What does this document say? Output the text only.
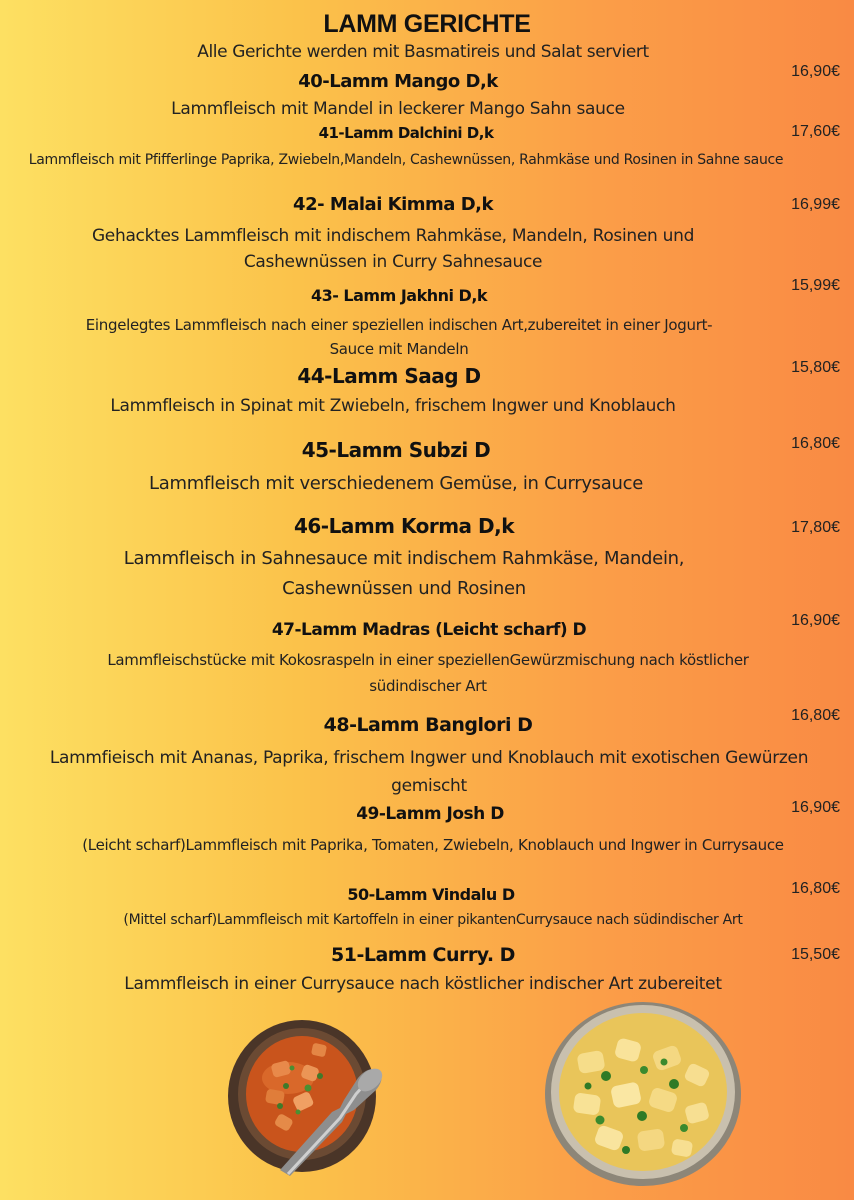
LAMM GERICHTE
Alle Gerichte werden mit Basmatireis und Salat serviert
40-Lamm Mango D,k	16,90€
Lammfleisch mit Mandel in leckerer Mango Sahn sauce
41-Lamm Dalchini D,k	17,60€
Lammfleisch mit Pfifferlinge Paprika, Zwiebeln,Mandeln, Cashewnüssen, Rahmkäse und Rosinen in Sahne sauce
42- Malai Kimma D,k	16,99€
Gehacktes Lammfleisch mit indischem Rahmkäse, Mandeln, Rosinen und Cashewnüssen in Curry Sahnesauce
43- Lamm Jakhni D,k
15,99€
Eingelegtes Lammfleisch nach einer speziellen indischen Art,zubereitet in einer Jogurt-Sauce mit Mandeln
44-Lamm Saag D	15,80€
Lammfleisch in Spinat mit Zwiebeln, frischem Ingwer und Knoblauch
45-Lamm Subzi D	16,80€
Lammfleisch mit verschiedenem Gemüse, in Currysauce
46-Lamm Korma D,k	17,80€
Lammfleisch in Sahnesauce mit indischem Rahmkäse, Mandein, Cashewnüssen und Rosinen
47-Lamm Madras (Leicht scharf) D	16,90€
Lammfleischstücke mit Kokosraspeln in einer speziellenGewürzmischung nach köstlicher südindischer Art
48-Lamm Banglori D	16,80€
Lammfieisch mit Ananas, Paprika, frischem Ingwer und Knoblauch mit exotischen Gewürzen gemischt
49-Lamm Josh D	16,90€
(Leicht scharf)Lammfleisch mit Paprika, Tomaten, Zwiebeln, Knoblauch und Ingwer in Currysauce
50-Lamm Vindalu D	16,80€
(Mittel scharf)Lammfleisch mit Kartoffeln in einer pikantenCurrysauce nach südindischer Art
51-Lamm Curry. D	15,50€
Lammfleisch in einer Currysauce nach köstlicher indischer Art zubereitet
